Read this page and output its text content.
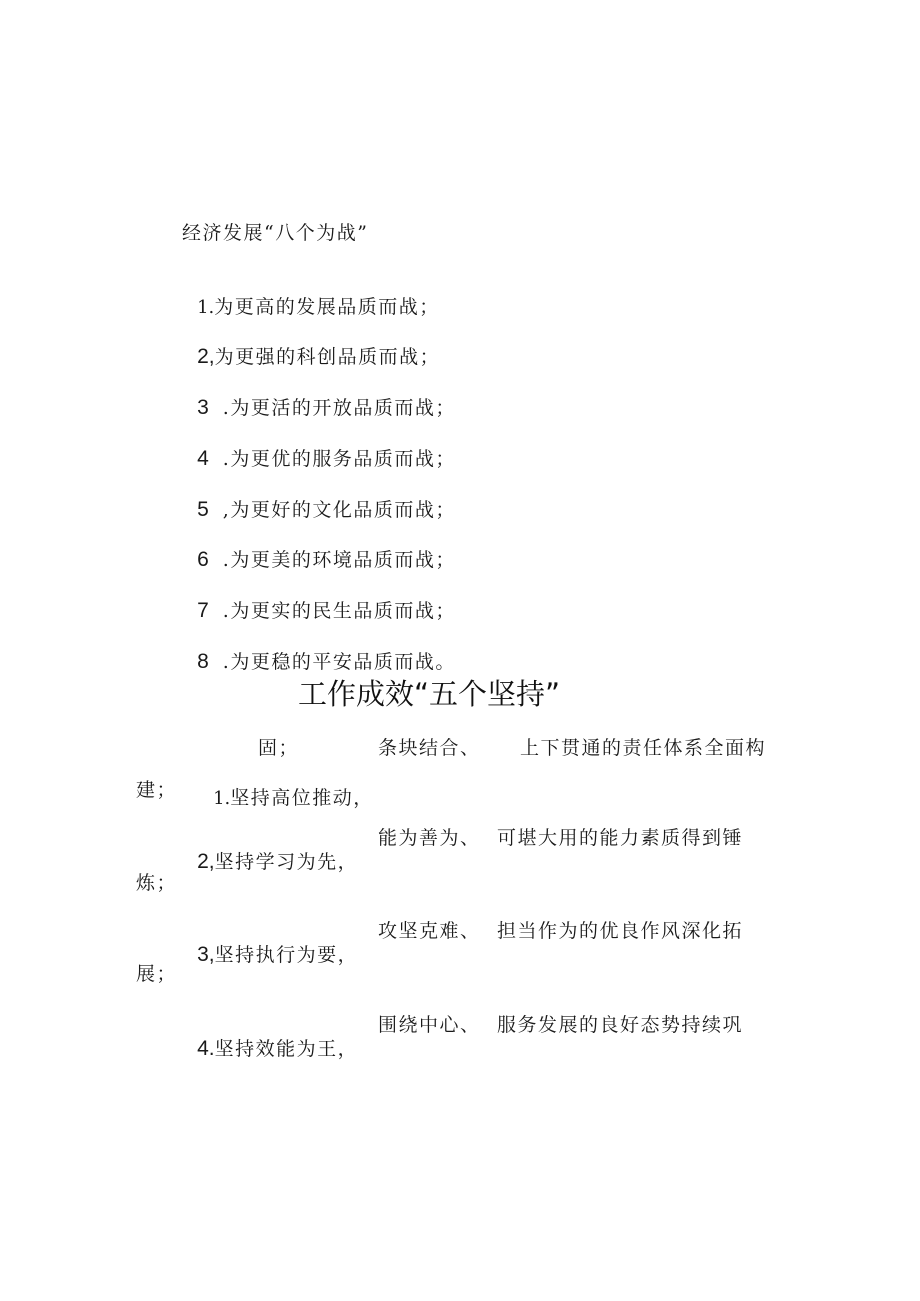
经济发展“八个为战”

1.为更高的发展品质而战；

2,为更强的科创品质而战；

3 .为更活的开放品质而战；

4 .为更优的服务品质而战；

5 ,为更好的文化品质而战；

6 .为更美的环境品质而战；

7 .为更实的民生品质而战；

8 .为更稳的平安品质而战。

工作成效“五个坚持”
固；	条块结合、 上下贯通的责任体系全面构

1.坚持高位推动，

建；

2,坚持学习为先，

能为善为、 可堪大用的能力素质得到锤
炼；

3,坚持执行为要，

攻坚克难、 担当作为的优良作风深化拓
展；

4.坚持效能为王，

围绕中心、 服务发展的良好态势持续巩
